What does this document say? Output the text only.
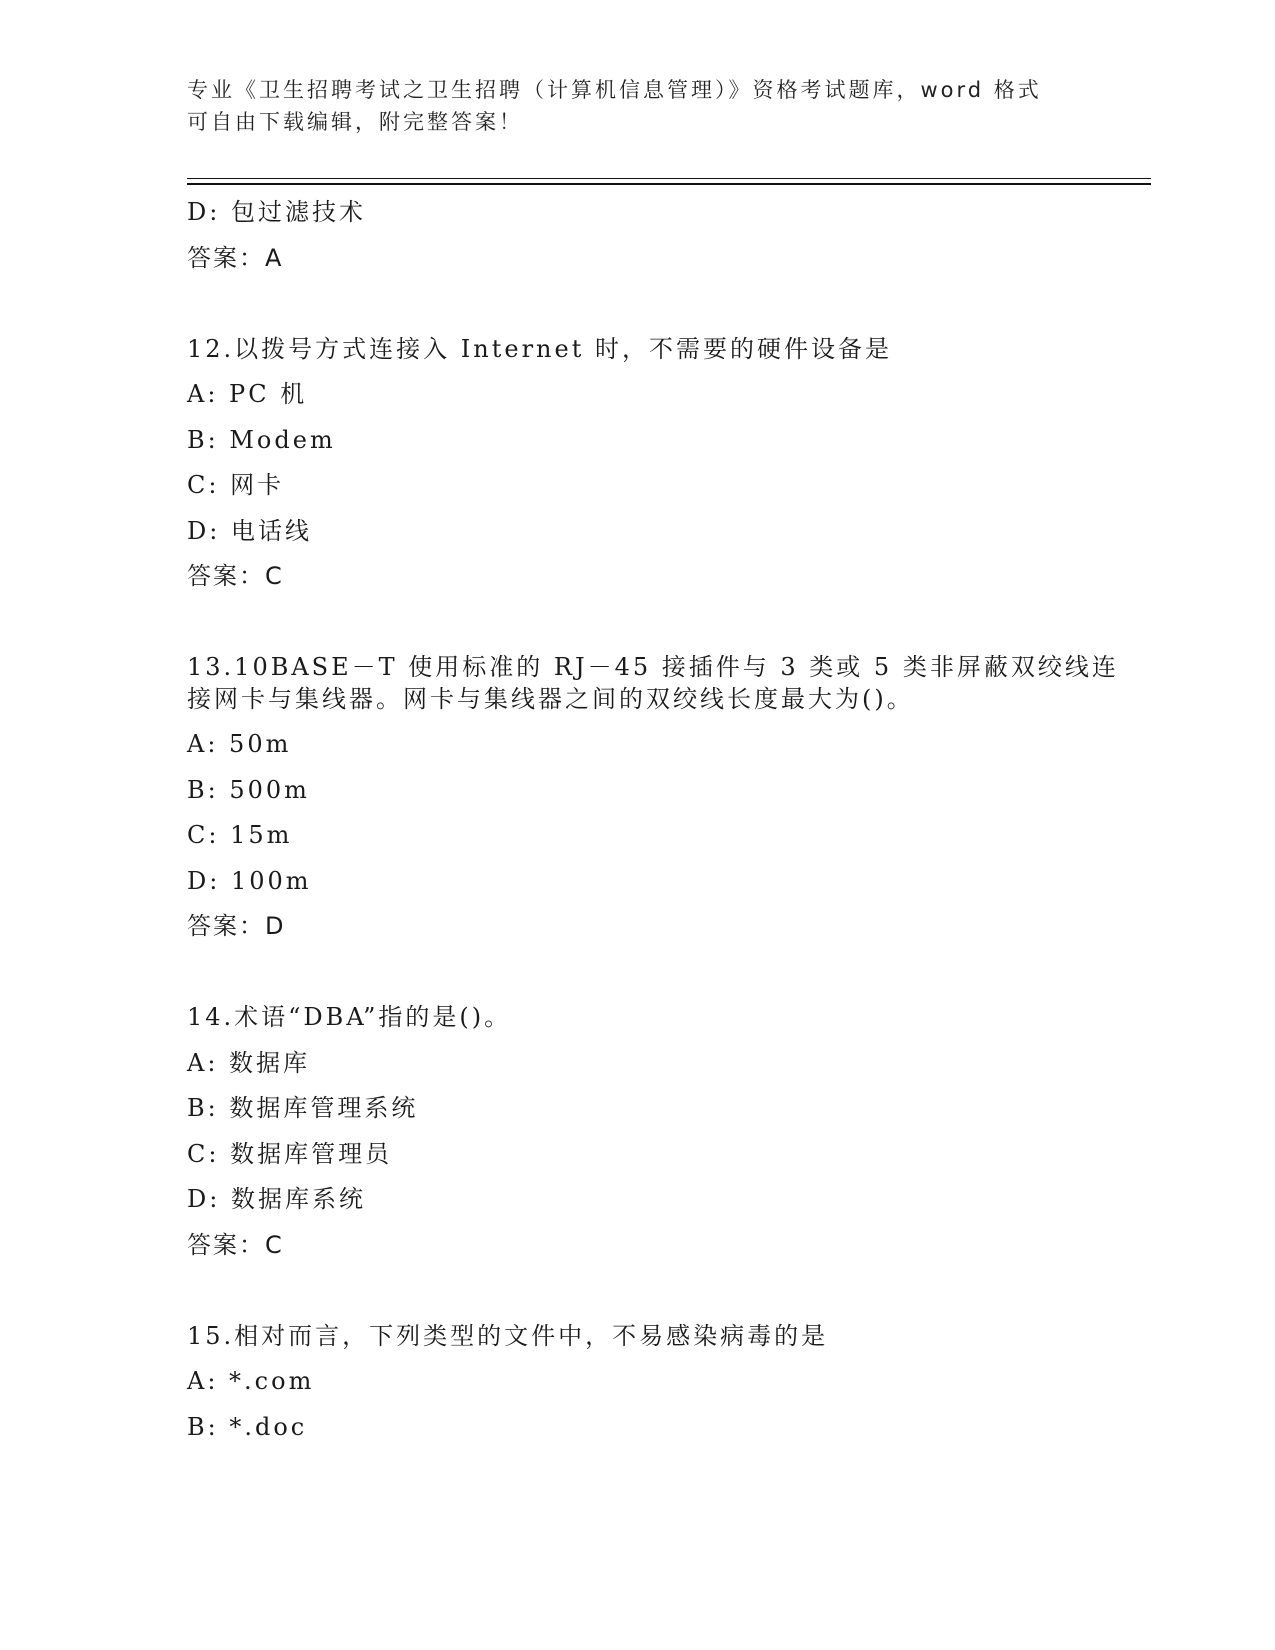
专业《卫生招聘考试之卫生招聘（计算机信息管理）》资格考试题库，word 格式
可自由下载编辑，附完整答案！
D: 包过滤技术
答案：A
12.以拨号方式连接入 Internet 时，不需要的硬件设备是
A: PC 机
B: Modem
C: 网卡
D: 电话线
答案：C
13.10BASE－T 使用标准的 RJ－45 接插件与 3 类或 5 类非屏蔽双绞线连
接网卡与集线器。网卡与集线器之间的双绞线长度最大为()。
A: 50m
B: 500m
C: 15m
D: 100m
答案：D
14.术语“DBA”指的是()。
A: 数据库
B: 数据库管理系统
C: 数据库管理员
D: 数据库系统
答案：C
15.相对而言，下列类型的文件中，不易感染病毒的是
A: *.com
B: *.doc
